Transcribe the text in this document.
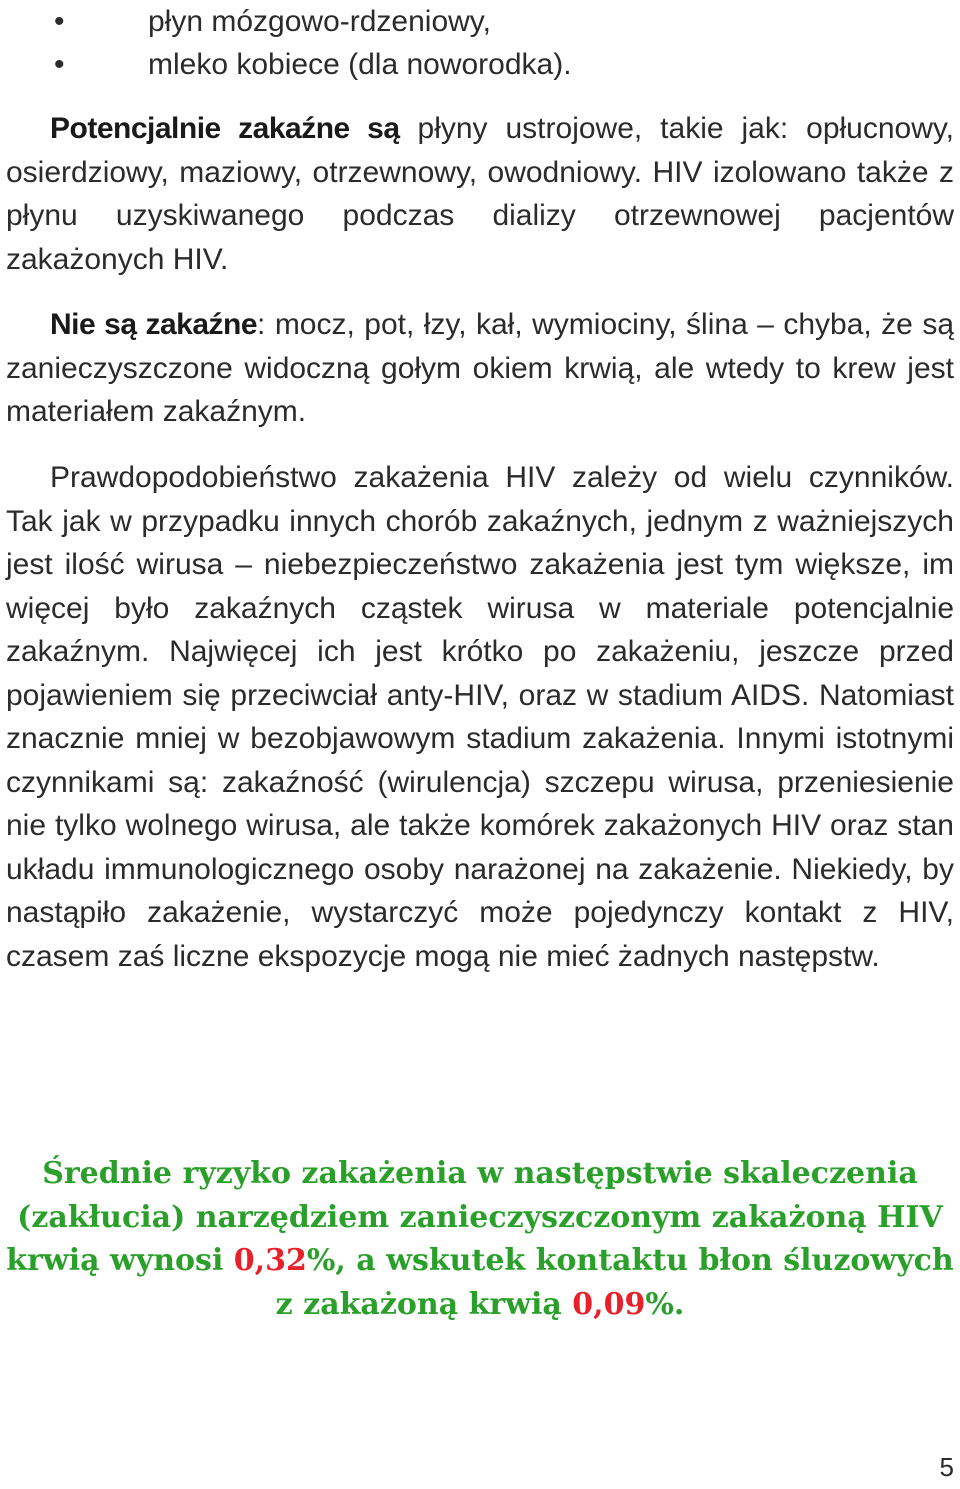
•	płyn mózgowo-rdzeniowy,
•	mleko kobiece (dla noworodka).

Potencjalnie zakaźne są płyny ustrojowe, takie jak: opłucnowy, osierdziowy, maziowy, otrzewnowy, owodniowy. HIV izolowano także z płynu uzyskiwanego podczas dializy otrzewnowej pacjentów zakażonych HIV.

Nie są zakaźne: mocz, pot, łzy, kał, wymiociny, ślina – chyba, że są zanieczyszczone widoczną gołym okiem krwią, ale wtedy to krew jest materiałem zakaźnym.

Prawdopodobieństwo zakażenia HIV zależy od wielu czynników. Tak jak w przypadku innych chorób zakaźnych, jednym z ważniejszych jest ilość wirusa – niebezpieczeństwo zakażenia jest tym większe, im więcej było zakaźnych cząstek wirusa w materiale potencjalnie zakaźnym. Najwięcej ich jest krótko po zakażeniu, jeszcze przed pojawieniem się przeciwciał anty-HIV, oraz w stadium AIDS. Natomiast znacznie mniej w bezobjawowym stadium zakażenia. Innymi istotnymi czynnikami są: zakaźność (wirulencja) szczepu wirusa, przeniesienie nie tylko wolnego wirusa, ale także komórek zakażonych HIV oraz stan układu immunologicznego osoby narażonej na zakażenie. Niekiedy, by nastąpiło zakażenie, wystarczyć może pojedynczy kontakt z HIV, czasem zaś liczne ekspozycje mogą nie mieć żadnych następstw.

Średnie ryzyko zakażenia w następstwie skaleczenia (zakłucia) narzędziem zanieczyszczonym zakażoną HIV krwią wynosi 0,32%, a wskutek kontaktu błon śluzowych z zakażoną krwią 0,09%.

5
